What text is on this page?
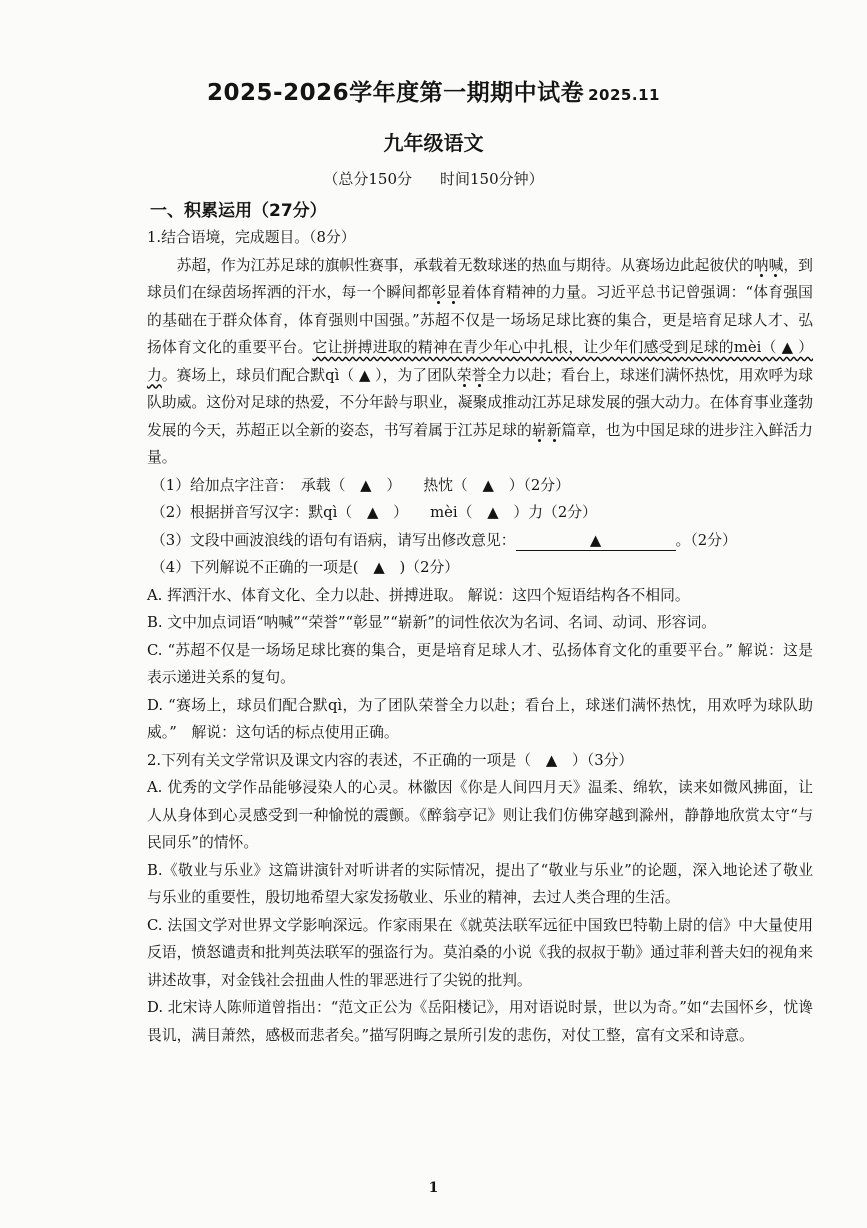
2025-2026学年度第一期期中试卷 2025.11
九年级语文
（总分150分 时间150分钟）
一、积累运用（27分）

1.结合语境，完成题目。（8分）

苏超，作为江苏足球的旗帜性赛事，承载着无数球迷的热血与期待。从赛场边此起彼伏的呐喊，到球员们在绿茵场挥洒的汗水，每一个瞬间都彰显着体育精神的力量。习近平总书记曾强调：“体育强国的基础在于群众体育，体育强则中国强。”苏超不仅是一场场足球比赛的集合，更是培育足球人才、弘扬体育文化的重要平台。它让拼搏进取的精神在青少年心中扎根，让少年们感受到足球的mèi（ ▲ ）力。赛场上，球员们配合默qì（ ▲ ），为了团队荣誉全力以赴；看台上，球迷们满怀热忱，用欢呼为球队助威。这份对足球的热爱，不分年龄与职业，凝聚成推动江苏足球发展的强大动力。在体育事业蓬勃发展的今天，苏超正以全新的姿态，书写着属于江苏足球的崭新篇章，也为中国足球的进步注入鲜活力量。

（1）给加点字注音：　承载（　▲　）　　热忱（　▲　）（2分）

（2）根据拼音写汉字：默qì（　▲　）　　mèi（　▲　）力（2分）

（3）文段中画波浪线的语句有语病，请写出修改意见：	▲	。（2分）

（4）下列解说不正确的一项是(　▲　)（2分）

A. 挥洒汗水、体育文化、全力以赴、拼搏进取。 解说：这四个短语结构各不相同。

B. 文中加点词语“呐喊”“荣誉”“彰显”“崭新”的词性依次为名词、名词、动词、形容词。

C. “苏超不仅是一场场足球比赛的集合，更是培育足球人才、弘扬体育文化的重要平台。” 解说：这是表示递进关系的复句。

D. “赛场上，球员们配合默qì，为了团队荣誉全力以赴；看台上，球迷们满怀热忱，用欢呼为球队助威。”　解说：这句话的标点使用正确。

2.下列有关文学常识及课文内容的表述，不正确的一项是（　▲　）（3分）

A. 优秀的文学作品能够浸染人的心灵。林徽因《你是人间四月天》温柔、绵软，读来如微风拂面，让人从身体到心灵感受到一种愉悦的震颤。《醉翁亭记》则让我们仿佛穿越到滁州，静静地欣赏太守“与民同乐”的情怀。

B.《敬业与乐业》这篇讲演针对听讲者的实际情况，提出了“敬业与乐业”的论题，深入地论述了敬业与乐业的重要性，殷切地希望大家发扬敬业、乐业的精神，去过人类合理的生活。

C. 法国文学对世界文学影响深远。作家雨果在《就英法联军远征中国致巴特勒上尉的信》中大量使用反语，愤怒谴责和批判英法联军的强盗行为。莫泊桑的小说《我的叔叔于勒》通过菲利普夫妇的视角来讲述故事，对金钱社会扭曲人性的罪恶进行了尖锐的批判。

D. 北宋诗人陈师道曾指出：“范文正公为《岳阳楼记》，用对语说时景，世以为奇。”如“去国怀乡，忧谗畏讥，满目萧然，感极而悲者矣。”描写阴晦之景所引发的悲伤，对仗工整，富有文采和诗意。

1
